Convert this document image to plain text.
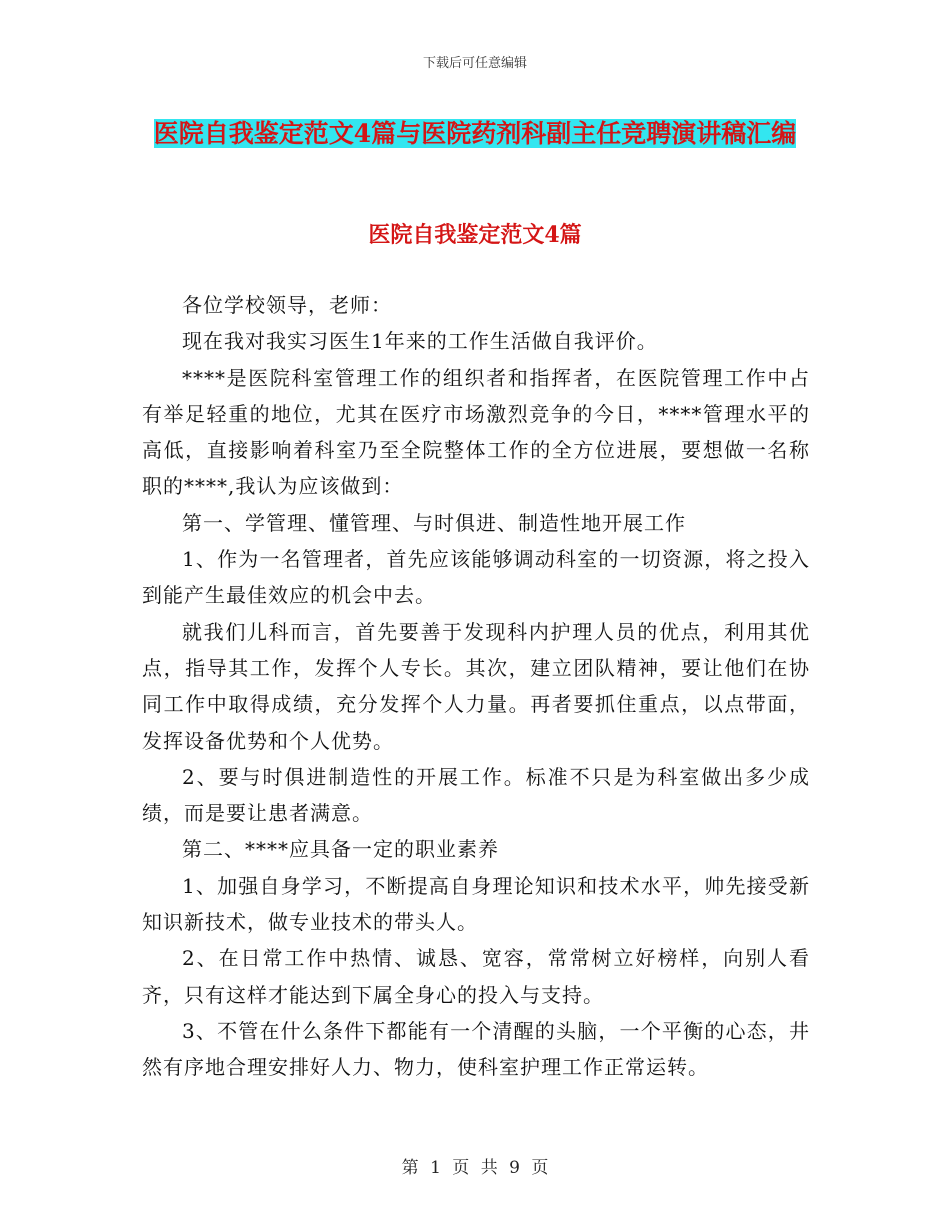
下载后可任意编辑
医院自我鉴定范文4篇与医院药剂科副主任竞聘演讲稿汇编
医院自我鉴定范文4篇

各位学校领导，老师：

现在我对我实习医生1年来的工作生活做自我评价。

****是医院科室管理工作的组织者和指挥者，在医院管理工作中占有举足轻重的地位，尤其在医疗市场激烈竞争的今日，****管理水平的高低，直接影响着科室乃至全院整体工作的全方位进展，要想做一名称职的****,我认为应该做到：

第一、学管理、懂管理、与时俱进、制造性地开展工作

1、作为一名管理者，首先应该能够调动科室的一切资源，将之投入到能产生最佳效应的机会中去。

就我们儿科而言，首先要善于发现科内护理人员的优点，利用其优点，指导其工作，发挥个人专长。其次，建立团队精神，要让他们在协同工作中取得成绩，充分发挥个人力量。再者要抓住重点，以点带面，发挥设备优势和个人优势。

2、要与时俱进制造性的开展工作。标准不只是为科室做出多少成绩，而是要让患者满意。

第二、****应具备一定的职业素养

1、加强自身学习，不断提高自身理论知识和技术水平，帅先接受新知识新技术，做专业技术的带头人。

2、在日常工作中热情、诚恳、宽容，常常树立好榜样，向别人看齐，只有这样才能达到下属全身心的投入与支持。

3、不管在什么条件下都能有一个清醒的头脑，一个平衡的心态，井然有序地合理安排好人力、物力，使科室护理工作正常运转。

第 1 页 共 9 页
